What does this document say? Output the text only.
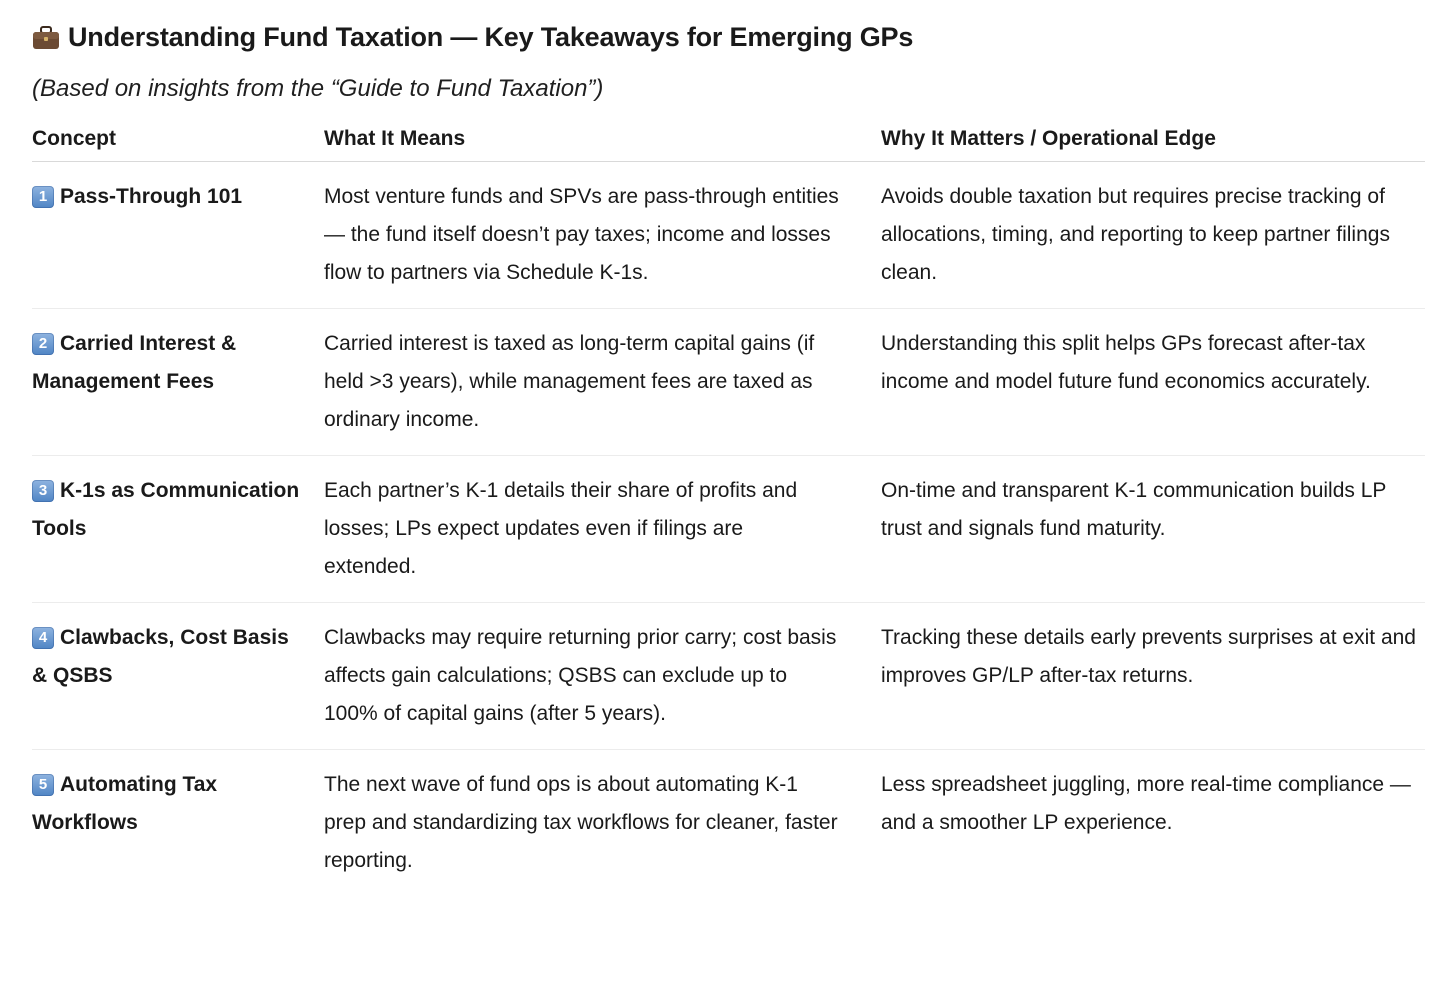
Understanding Fund Taxation — Key Takeaways for Emerging GPs

(Based on insights from the “Guide to Fund Taxation”)

Concept	What It Means	Why It Matters / Operational Edge
1 Pass-Through 101	Most venture funds and SPVs are pass-through entities — the fund itself doesn’t pay taxes; income and losses flow to partners via Schedule K-1s.	Avoids double taxation but requires precise tracking of allocations, timing, and reporting to keep partner filings clean.
2 Carried Interest & Management Fees	Carried interest is taxed as long-term capital gains (if held >3 years), while management fees are taxed as ordinary income.	Understanding this split helps GPs forecast after-tax income and model future fund economics accurately.
3 K-1s as Communication Tools	Each partner’s K-1 details their share of profits and losses; LPs expect updates even if filings are extended.	On-time and transparent K-1 communication builds LP trust and signals fund maturity.
4 Clawbacks, Cost Basis & QSBS	Clawbacks may require returning prior carry; cost basis affects gain calculations; QSBS can exclude up to 100% of capital gains (after 5 years).	Tracking these details early prevents surprises at exit and improves GP/LP after-tax returns.
5 Automating Tax Workflows	The next wave of fund ops is about automating K-1 prep and standardizing tax workflows for cleaner, faster reporting.	Less spreadsheet juggling, more real-time compliance — and a smoother LP experience.
